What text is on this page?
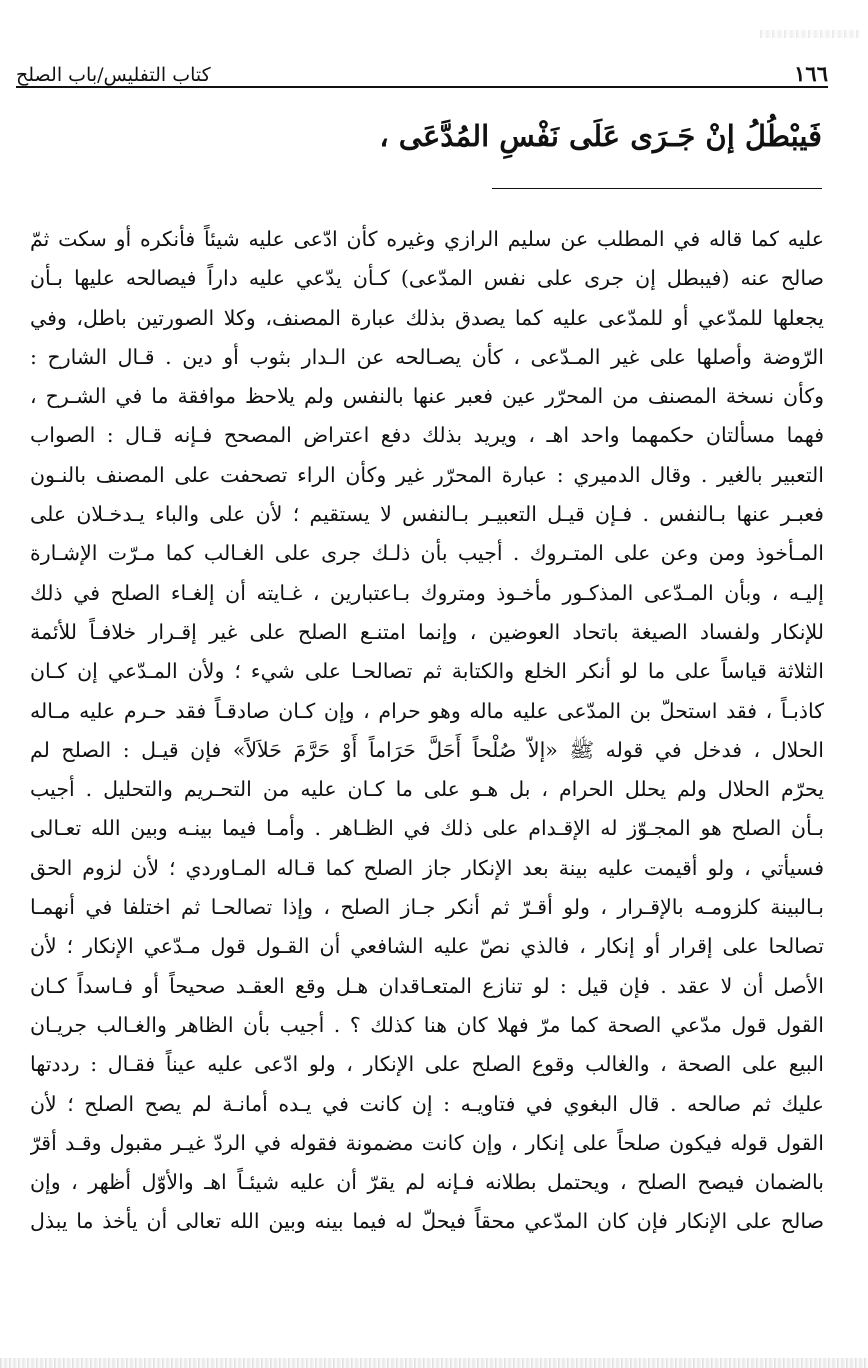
١٦٦
كتاب التفليس/باب الصلح
فَيبْطُلُ إنْ جَـرَى عَلَى نَفْسِ المُدَّعَى ،
عليه كما قاله في المطلب عن سليم الرازي وغيره كأن ادّعى عليه شيئاً فأنكره أو سكت ثمّ
صالح عنه (فيبطل إن جرى على نفس المدّعى) كـأن يدّعي عليه داراً فيصالحه عليها بـأن
يجعلها للمدّعي أو للمدّعى عليه كما يصدق بذلك عبارة المصنف، وكلا الصورتين باطل، وفي
الرّوضة وأصلها على غير المـدّعى ، كأن يصـالحه عن الـدار بثوب أو دين . قـال الشارح :
وكأن نسخة المصنف من المحرّر عين فعبر عنها بالنفس ولم يلاحظ موافقة ما في الشـرح ،
فهما مسألتان حكمهما واحد اهـ ، ويريد بذلك دفع اعتراض المصحح فـإنه قـال : الصواب
التعبير بالغير . وقال الدميري : عبارة المحرّر غير وكأن الراء تصحفت على المصنف بالنـون
فعبـر عنها بـالنفس . فـإن قيـل التعبيـر بـالنفس لا يستقيم ؛ لأن على والباء يـدخـلان على
المـأخوذ ومن وعن على المتـروك . أجيب بأن ذلـك جرى على الغـالب كما مـرّت الإشـارة
إليـه ، وبأن المـدّعى المذكـور مأخـوذ ومتروك بـاعتبارين ، غـايته أن إلغـاء الصلح في ذلك
للإنكار ولفساد الصيغة باتحاد العوضين ، وإنما امتنـع الصلح على غير إقـرار خلافـاً للأئمة
الثلاثة قياساً على ما لو أنكر الخلع والكتابة ثم تصالحـا على شيء ؛ ولأن المـدّعي إن كـان
كاذبـاً ، فقد استحلّ بن المدّعى عليه ماله وهو حرام ، وإن كـان صادقـاً فقد حـرم عليه مـاله
الحلال ، فدخل في قوله ﷺ «إلاّ صُلْحاً أَحَلَّ حَرَاماً أَوْ حَرَّمَ حَلاَلاً» فإن قيـل : الصلح لم
يحرّم الحلال ولم يحلل الحرام ، بل هـو على ما كـان عليه من التحـريم والتحليل . أجيب
بـأن الصلح هو المجـوّز له الإقـدام على ذلك في الظـاهر . وأمـا فيما بينـه وبين الله تعـالى
فسيأتي ، ولو أقيمت عليه بينة بعد الإنكار جاز الصلح كما قـاله المـاوردي ؛ لأن لزوم الحق
بـالبينة كلزومـه بالإقـرار ، ولو أقـرّ ثم أنكر جـاز الصلح ، وإذا تصالحـا ثم اختلفا في أنهمـا
تصالحا على إقرار أو إنكار ، فالذي نصّ عليه الشافعي أن القـول قول مـدّعي الإنكار ؛ لأن
الأصل أن لا عقد . فإن قيل : لو تنازع المتعـاقدان هـل وقع العقـد صحيحاً أو فـاسداً كـان
القول قول مدّعي الصحة كما مرّ فهلا كان هنا كذلك ؟ . أجيب بأن الظاهر والغـالب جريـان
البيع على الصحة ، والغالب وقوع الصلح على الإنكار ، ولو ادّعى عليه عيناً فقـال : رددتها
عليك ثم صالحه . قال البغوي في فتاويـه : إن كانت في يـده أمانـة لم يصح الصلح ؛ لأن
القول قوله فيكون صلحاً على إنكار ، وإن كانت مضمونة فقوله في الردّ غيـر مقبول وقـد أقرّ
بالضمان فيصح الصلح ، ويحتمل بطلانه فـإنه لم يقرّ أن عليه شيئـاً اهـ والأوّل أظهر ، وإن
صالح على الإنكار فإن كان المدّعي محقاً فيحلّ له فيما بينه وبين الله تعالى أن يأخذ ما يبذل
